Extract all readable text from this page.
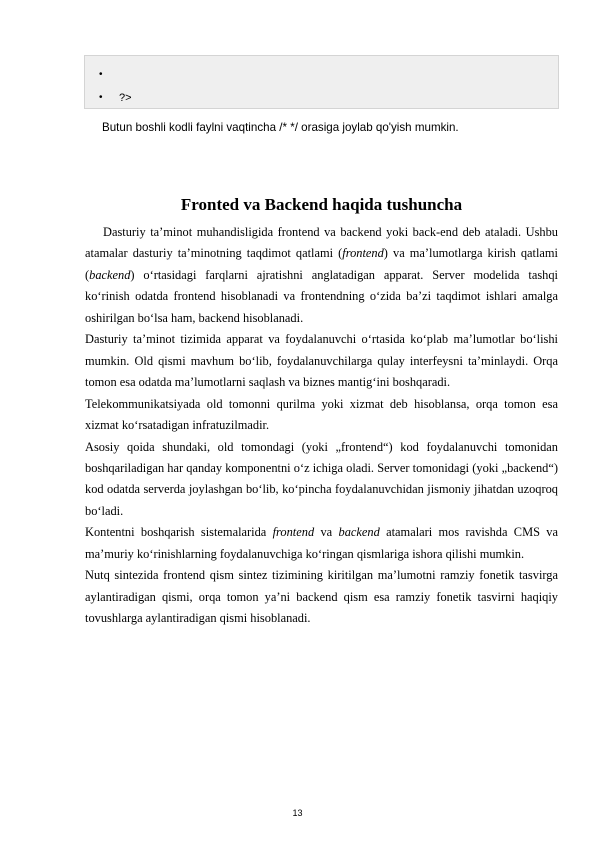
•
• ?>
Butun boshli kodli faylni vaqtincha /* */ orasiga joylab qo'yish mumkin.
Fronted va Backend haqida tushuncha

Dasturiy ta’minot muhandisligida frontend va backend yoki back-end deb ataladi. Ushbu atamalar dasturiy ta’minotning taqdimot qatlami (frontend) va ma’lumotlarga kirish qatlami (backend) o‘rtasidagi farqlarni ajratishni anglatadigan apparat. Server modelida tashqi ko‘rinish odatda frontend hisoblanadi va frontendning o‘zida ba’zi taqdimot ishlari amalga oshirilgan bo‘lsa ham, backend hisoblanadi.

Dasturiy ta’minot tizimida apparat va foydalanuvchi o‘rtasida ko‘plab ma’lumotlar bo‘lishi mumkin. Old qismi mavhum bo‘lib, foydalanuvchilarga qulay interfeysni ta’minlaydi. Orqa tomon esa odatda ma’lumotlarni saqlash va biznes mantig‘ini boshqaradi.

Telekommunikatsiyada old tomonni qurilma yoki xizmat deb hisoblansa, orqa tomon esa xizmat ko‘rsatadigan infratuzilmadir.

Asosiy qoida shundaki, old tomondagi (yoki „frontend“) kod foydalanuvchi tomonidan boshqariladigan har qanday komponentni o‘z ichiga oladi. Server tomonidagi (yoki „backend“) kod odatda serverda joylashgan bo‘lib, ko‘pincha foydalanuvchidan jismoniy jihatdan uzoqroq bo‘ladi.

Kontentni boshqarish sistemalarida frontend va backend atamalari mos ravishda CMS va ma’muriy ko‘rinishlarning foydalanuvchiga ko‘ringan qismlariga ishora qilishi mumkin.

Nutq sintezida frontend qism sintez tizimining kiritilgan ma’lumotni ramziy fonetik tasvirga aylantiradigan qismi, orqa tomon ya’ni backend qism esa ramziy fonetik tasvirni haqiqiy tovushlarga aylantiradigan qismi hisoblanadi.

13
